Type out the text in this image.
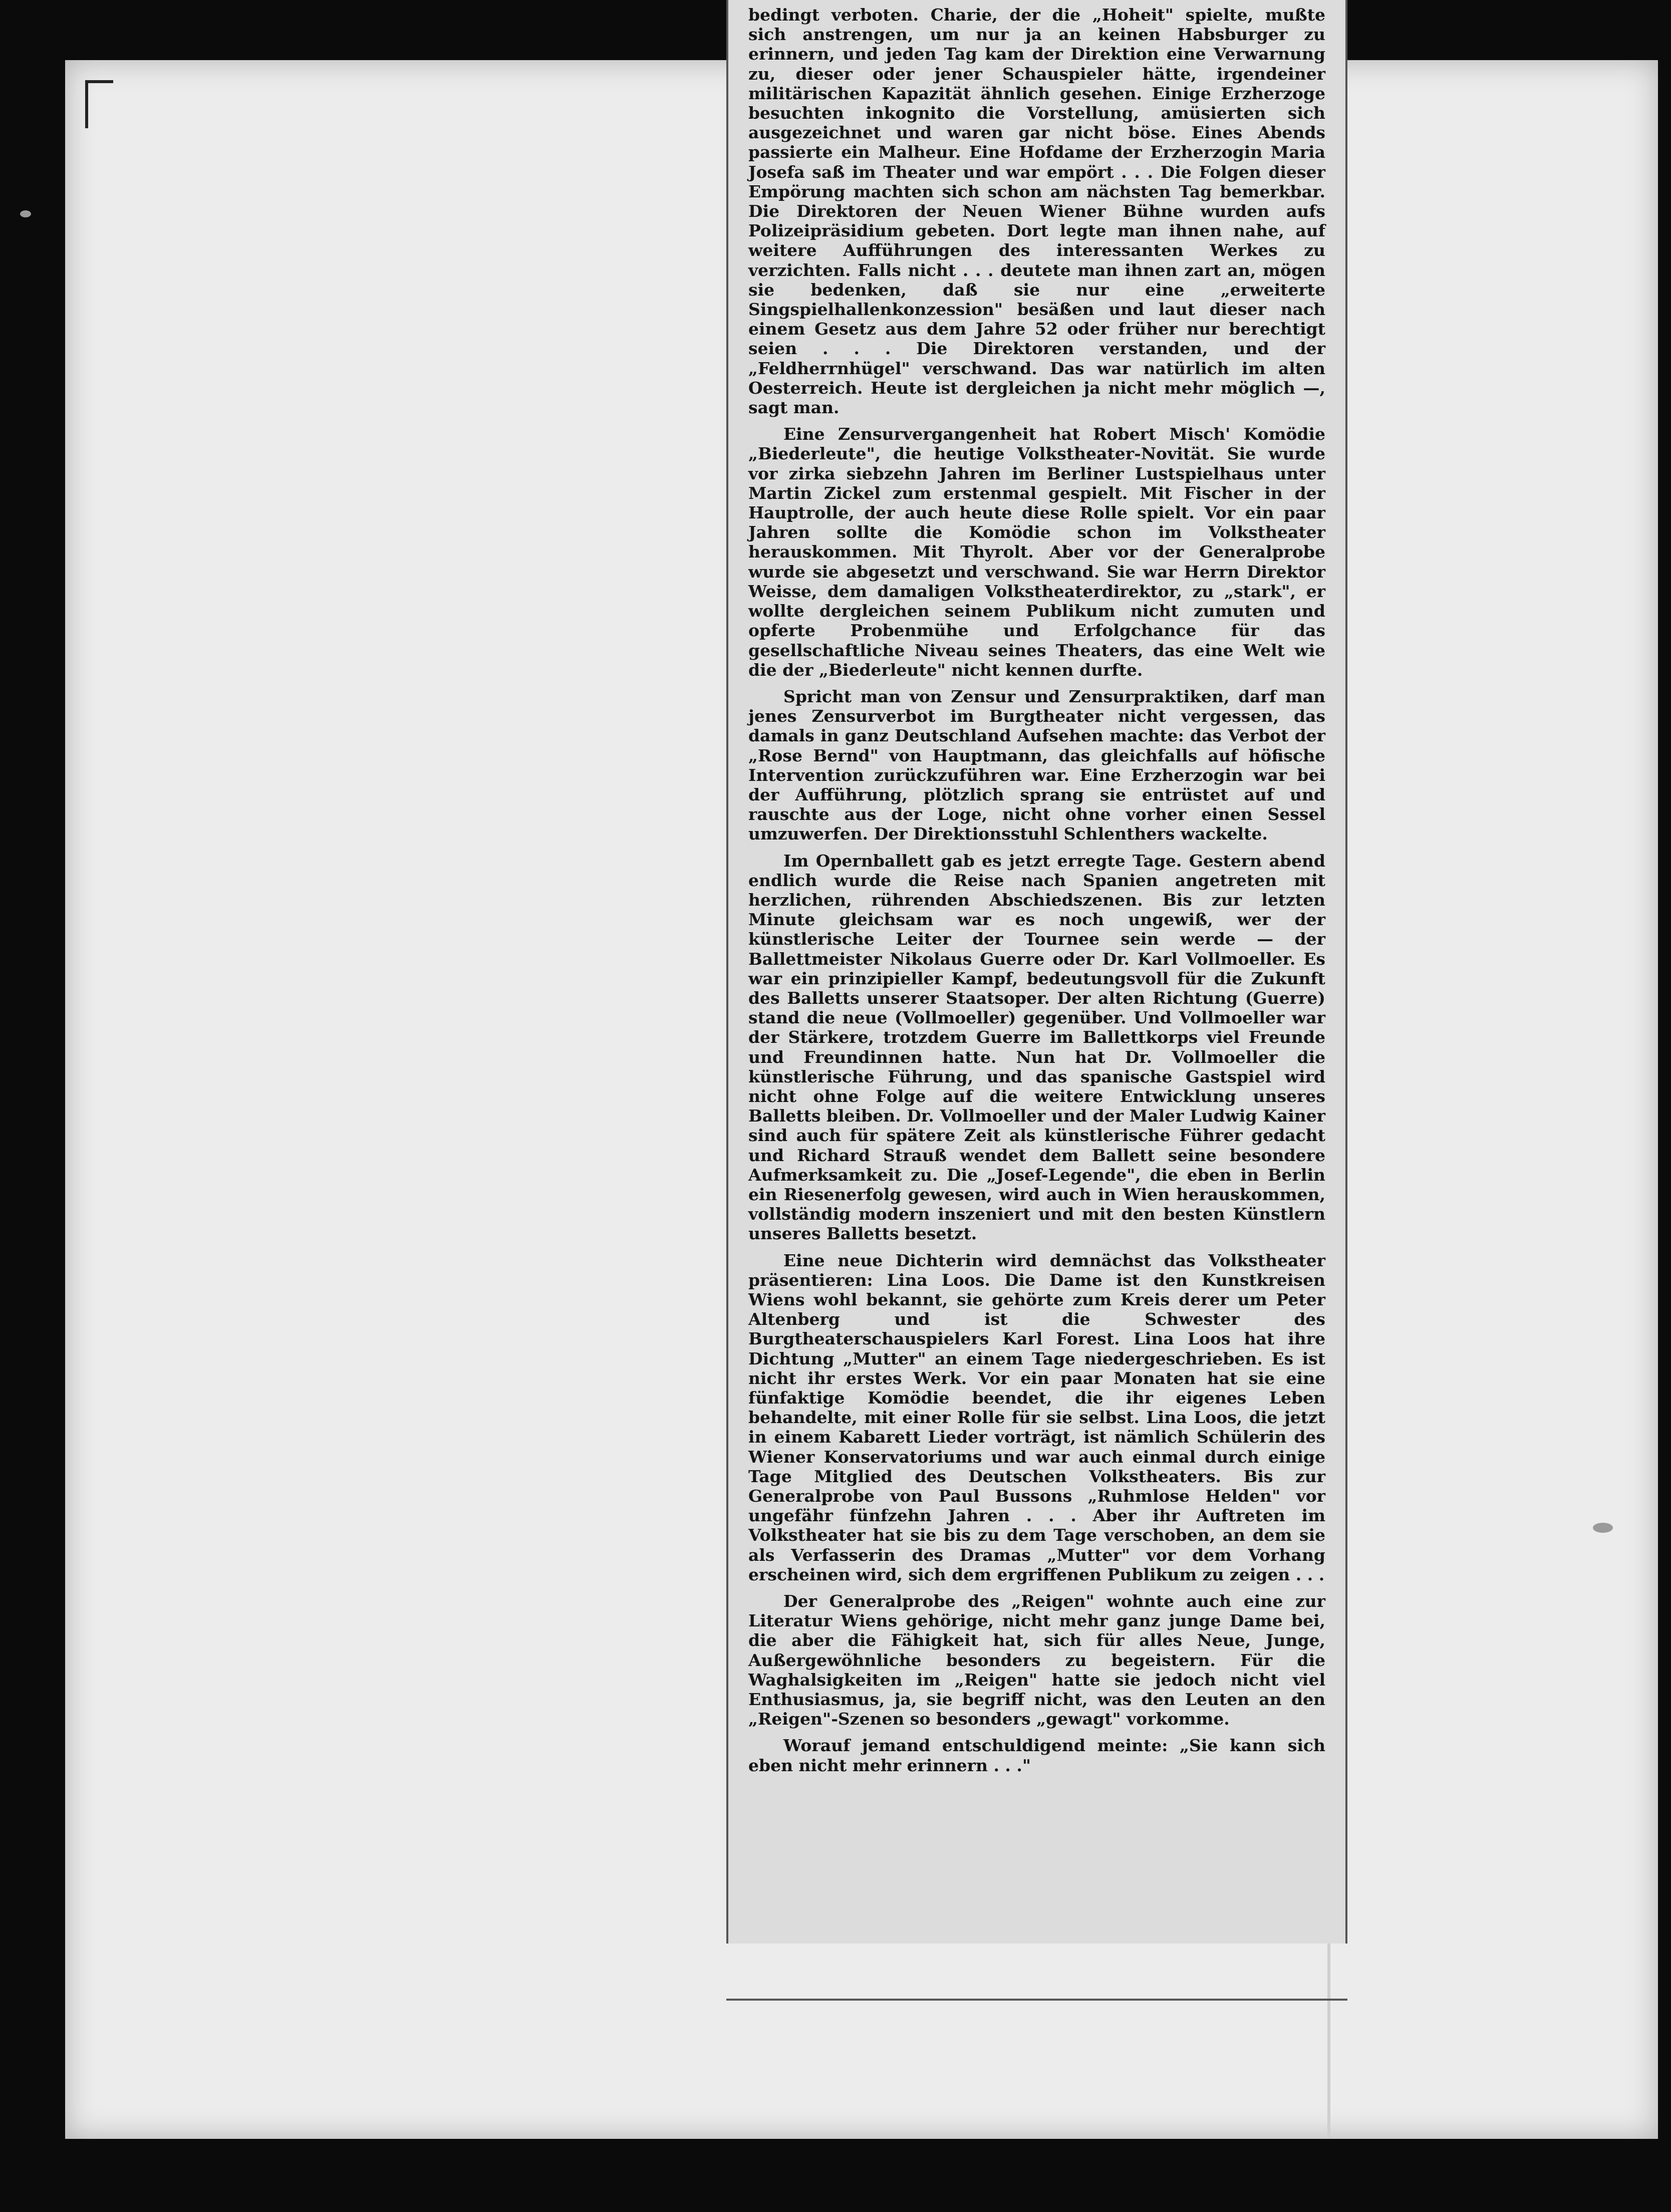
bedingt verboten. Charie, der die „Hoheit" spielte, mußte sich anstrengen, um nur ja an keinen Habsburger zu erinnern, und jeden Tag kam der Direktion eine Verwarnung zu, dieser oder jener Schauspieler hätte, irgendeiner militärischen Kapazität ähnlich gesehen. Einige Erzherzoge besuchten inkognito die Vorstellung, amüsierten sich ausgezeichnet und waren gar nicht böse. Eines Abends passierte ein Malheur. Eine Hofdame der Erzherzogin Maria Josefa saß im Theater und war empört . . . Die Folgen dieser Empörung machten sich schon am nächsten Tag bemerkbar. Die Direktoren der Neuen Wiener Bühne wurden aufs Polizeipräsidium gebeten. Dort legte man ihnen nahe, auf weitere Aufführungen des interessanten Werkes zu verzichten. Falls nicht . . . deutete man ihnen zart an, mögen sie bedenken, daß sie nur eine „erweiterte Singspielhallenkonzession" besäßen und laut dieser nach einem Gesetz aus dem Jahre 52 oder früher nur berechtigt seien . . . Die Direktoren verstanden, und der „Feldherrnhügel" verschwand. Das war natürlich im alten Oesterreich. Heute ist dergleichen ja nicht mehr möglich —, sagt man.

Eine Zensurvergangenheit hat Robert Misch' Komödie „Biederleute", die heutige Volkstheater-Novität. Sie wurde vor zirka siebzehn Jahren im Berliner Lustspielhaus unter Martin Zickel zum erstenmal gespielt. Mit Fischer in der Hauptrolle, der auch heute diese Rolle spielt. Vor ein paar Jahren sollte die Komödie schon im Volkstheater herauskommen. Mit Thyrolt. Aber vor der Generalprobe wurde sie abgesetzt und verschwand. Sie war Herrn Direktor Weisse, dem damaligen Volkstheaterdirektor, zu „stark", er wollte dergleichen seinem Publikum nicht zumuten und opferte Probenmühe und Erfolgchance für das gesellschaftliche Niveau seines Theaters, das eine Welt wie die der „Biederleute" nicht kennen durfte.

Spricht man von Zensur und Zensurpraktiken, darf man jenes Zensurverbot im Burgtheater nicht vergessen, das damals in ganz Deutschland Aufsehen machte: das Verbot der „Rose Bernd" von Hauptmann, das gleichfalls auf höfische Intervention zurückzuführen war. Eine Erzherzogin war bei der Aufführung, plötzlich sprang sie entrüstet auf und rauschte aus der Loge, nicht ohne vorher einen Sessel umzuwerfen. Der Direktionsstuhl Schlenthers wackelte.

Im Opernballett gab es jetzt erregte Tage. Gestern abend endlich wurde die Reise nach Spanien angetreten mit herzlichen, rührenden Abschiedszenen. Bis zur letzten Minute gleichsam war es noch ungewiß, wer der künstlerische Leiter der Tournee sein werde — der Ballettmeister Nikolaus Guerre oder Dr. Karl Vollmoeller. Es war ein prinzipieller Kampf, bedeutungsvoll für die Zukunft des Balletts unserer Staatsoper. Der alten Richtung (Guerre) stand die neue (Vollmoeller) gegenüber. Und Vollmoeller war der Stärkere, trotzdem Guerre im Ballettkorps viel Freunde und Freundinnen hatte. Nun hat Dr. Vollmoeller die künstlerische Führung, und das spanische Gastspiel wird nicht ohne Folge auf die weitere Entwicklung unseres Balletts bleiben. Dr. Vollmoeller und der Maler Ludwig Kainer sind auch für spätere Zeit als künstlerische Führer gedacht und Richard Strauß wendet dem Ballett seine besondere Aufmerksamkeit zu. Die „Josef-Legende", die eben in Berlin ein Riesenerfolg gewesen, wird auch in Wien herauskommen, vollständig modern inszeniert und mit den besten Künstlern unseres Balletts besetzt.

Eine neue Dichterin wird demnächst das Volkstheater präsentieren: Lina Loos. Die Dame ist den Kunstkreisen Wiens wohl bekannt, sie gehörte zum Kreis derer um Peter Altenberg und ist die Schwester des Burgtheaterschauspielers Karl Forest. Lina Loos hat ihre Dichtung „Mutter" an einem Tage niedergeschrieben. Es ist nicht ihr erstes Werk. Vor ein paar Monaten hat sie eine fünfaktige Komödie beendet, die ihr eigenes Leben behandelte, mit einer Rolle für sie selbst. Lina Loos, die jetzt in einem Kabarett Lieder vorträgt, ist nämlich Schülerin des Wiener Konservatoriums und war auch einmal durch einige Tage Mitglied des Deutschen Volkstheaters. Bis zur Generalprobe von Paul Bussons „Ruhmlose Helden" vor ungefähr fünfzehn Jahren . . . Aber ihr Auftreten im Volkstheater hat sie bis zu dem Tage verschoben, an dem sie als Verfasserin des Dramas „Mutter" vor dem Vorhang erscheinen wird, sich dem ergriffenen Publikum zu zeigen . . .

Der Generalprobe des „Reigen" wohnte auch eine zur Literatur Wiens gehörige, nicht mehr ganz junge Dame bei, die aber die Fähigkeit hat, sich für alles Neue, Junge, Außergewöhnliche besonders zu begeistern. Für die Waghalsigkeiten im „Reigen" hatte sie jedoch nicht viel Enthusiasmus, ja, sie begriff nicht, was den Leuten an den „Reigen"-Szenen so besonders „gewagt" vorkomme.

Worauf jemand entschuldigend meinte: „Sie kann sich eben nicht mehr erinnern . . ."
